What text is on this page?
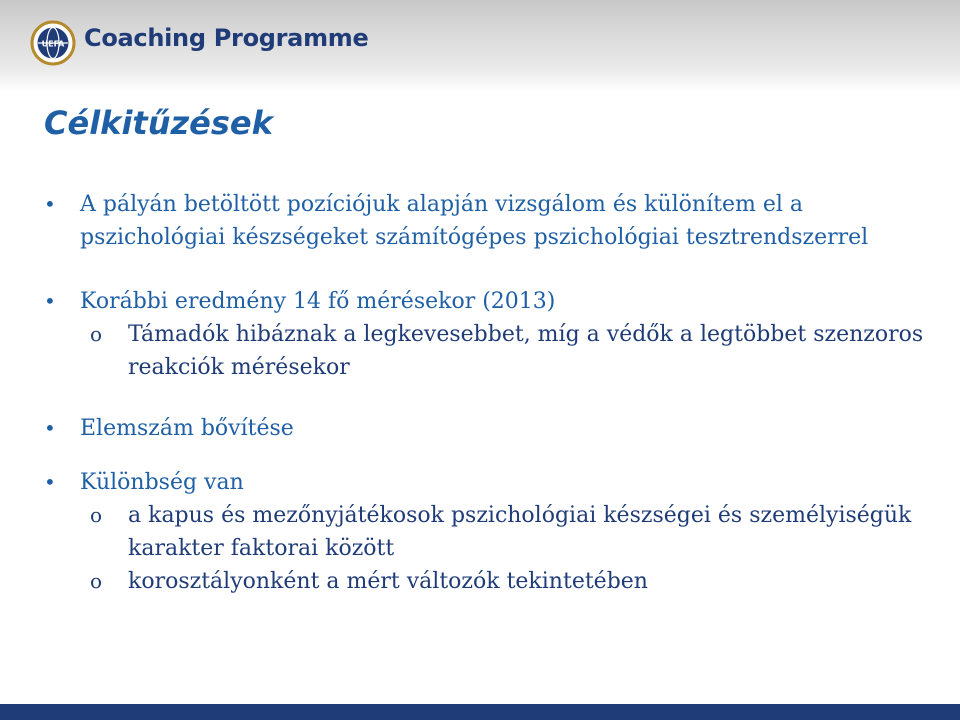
UEFA Coaching Programme
Célkitűzések
• A pályán betöltött pozíciójuk alapján vizsgálom és különítem el a pszichológiai készségeket számítógépes pszichológiai tesztrendszerrel
• Korábbi eredmény 14 fő mérésekor (2013)
o Támadók hibáznak a legkevesebbet, míg a védők a legtöbbet szenzoros reakciók mérésekor
• Elemszám bővítése
• Különbség van
o a kapus és mezőnyjátékosok pszichológiai készségei és személyiségük karakter faktorai között
o korosztályonként a mért változók tekintetében
